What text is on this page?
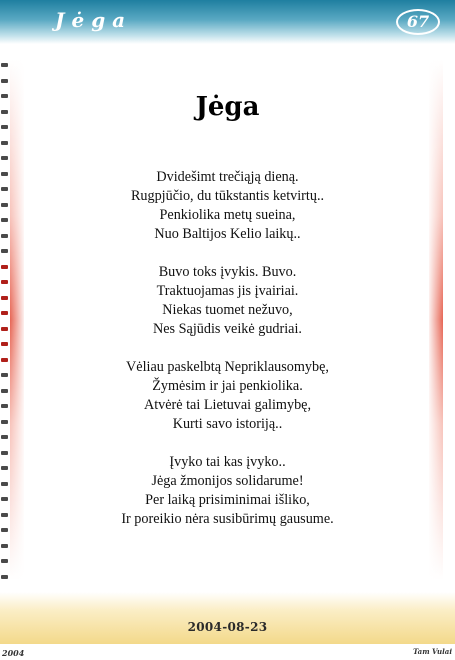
Jėga	67
Jėga

Dvidešimt trečiąją dieną.
Rugpjūčio, du tūkstantis ketvirtų..
Penkiolika metų sueina,
Nuo Baltijos Kelio laikų..

Buvo toks įvykis. Buvo.
Traktuojamas jis įvairiai.
Niekas tuomet nežuvo,
Nes Sąjūdis veikė gudriai.

Vėliau paskelbtą Nepriklausomybę,
Žymėsim ir jai penkiolika.
Atvėrė tai Lietuvai galimybę,
Kurti savo istoriją..

Įvyko tai kas įvyko..
Jėga žmonijos solidarume!
Per laiką prisiminimai išliko,
Ir poreikio nėra susibūrimų gausume.

2004-08-23
2004	Tam Vulai
